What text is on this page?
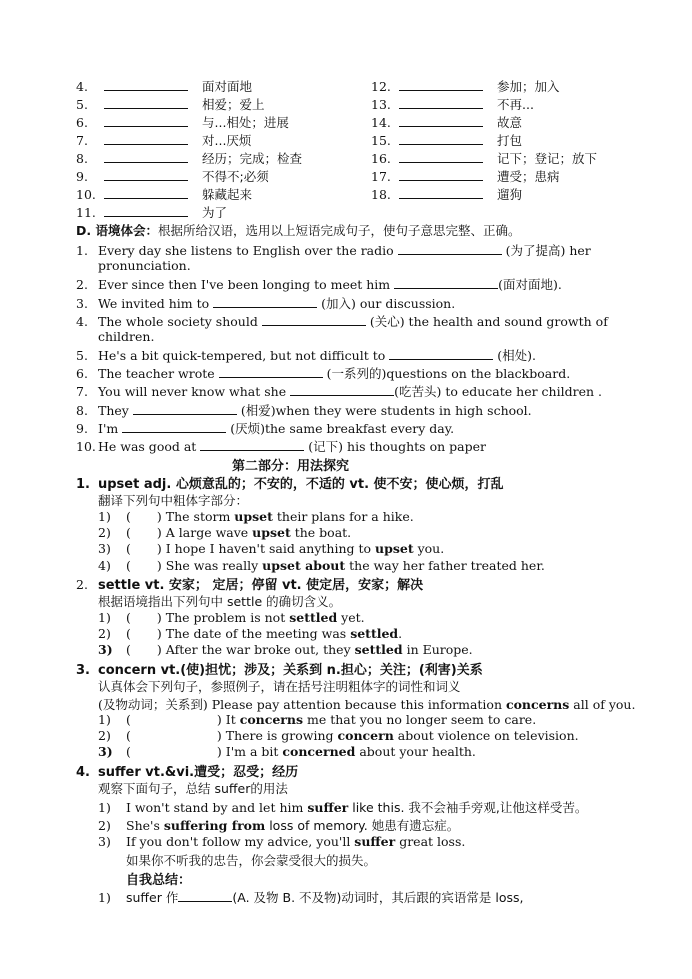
4.	面对面地
5.	相爱；爱上
6.	与...相处；进展
7.	对...厌烦
8.	经历；完成；检查
9.	不得不;必须
10.	躲藏起来
11.	为了
12.	参加；加入
13.	不再...
14.	故意
15.	打包
16.	记下；登记；放下
17.	遭受；患病
18.	遛狗
D. 语境体会：根据所给汉语，选用以上短语完成句子，使句子意思完整、正确。
1. Every day she listens to English over the radio	(为了提高) her
pronunciation.
2. Ever since then I've been longing to meet him	(面对面地).
3. We invited him to	(加入) our discussion.
4. The whole society should	(关心) the health and sound growth of
children.
5. He's a bit quick-tempered, but not difficult to	(相处).
6. The teacher wrote	(一系列的)questions on the blackboard.
7. You will never know what she	(吃苦头) to educate her children .
8. They	(相爱)when they were students in high school.
9. I'm	(厌烦)the same breakfast every day.
10. He was good at	(记下) his thoughts on paper
第二部分：用法探究
1. upset adj. 心烦意乱的；不安的，不适的 vt. 使不安；使心烦，打乱
翻译下列句中粗体字部分：
1) ( ) The storm upset their plans for a hike.
2) ( ) A large wave upset the boat.
3) ( ) I hope I haven't said anything to upset you.
4) ( ) She was really upset about the way her father treated her.
2. settle vt. 安家； 定居；停留 vt. 使定居，安家；解决
根据语境指出下列句中 settle 的确切含义。
1) ( ) The problem is not settled yet.
2) ( ) The date of the meeting was settled.
3) ( ) After the war broke out, they settled in Europe.
3. concern vt.(使)担忧；涉及；关系到 n.担心；关注；(利害)关系
认真体会下列句子，参照例子，请在括号注明粗体字的词性和词义
(及物动词；关系到) Please pay attention because this information concerns all of you.
1) (	) It concerns me that you no longer seem to care.
2) (	) There is growing concern about violence on television.
3) (	) I'm a bit concerned about your health.
4. suffer vt.&vi.遭受；忍受；经历
观察下面句子，总结 suffer的用法
1) I won't stand by and let him suffer like this. 我不会袖手旁观,让他这样受苦。
2) She's suffering from loss of memory. 她患有遗忘症。
3) If you don't follow my advice, you'll suffer great loss.
如果你不听我的忠告，你会蒙受很大的损失。
自我总结：
1) suffer 作	(A. 及物 B. 不及物)动词时，其后跟的宾语常是 loss,
